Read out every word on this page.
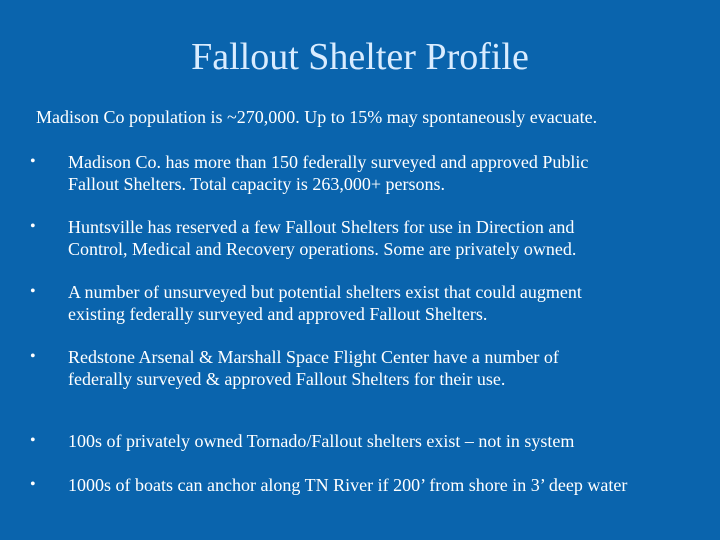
Fallout Shelter Profile
Madison Co population is ~270,000. Up to 15% may spontaneously evacuate.
• Madison Co. has more than 150 federally surveyed and approved Public
Fallout Shelters. Total capacity is 263,000+ persons.
• Huntsville has reserved a few Fallout Shelters for use in Direction and
Control, Medical and Recovery operations. Some are privately owned.
• A number of unsurveyed but potential shelters exist that could augment
existing federally surveyed and approved Fallout Shelters.
• Redstone Arsenal & Marshall Space Flight Center have a number of
federally surveyed & approved Fallout Shelters for their use.
• 100s of privately owned Tornado/Fallout shelters exist – not in system
• 1000s of boats can anchor along TN River if 200’ from shore in 3’ deep water
